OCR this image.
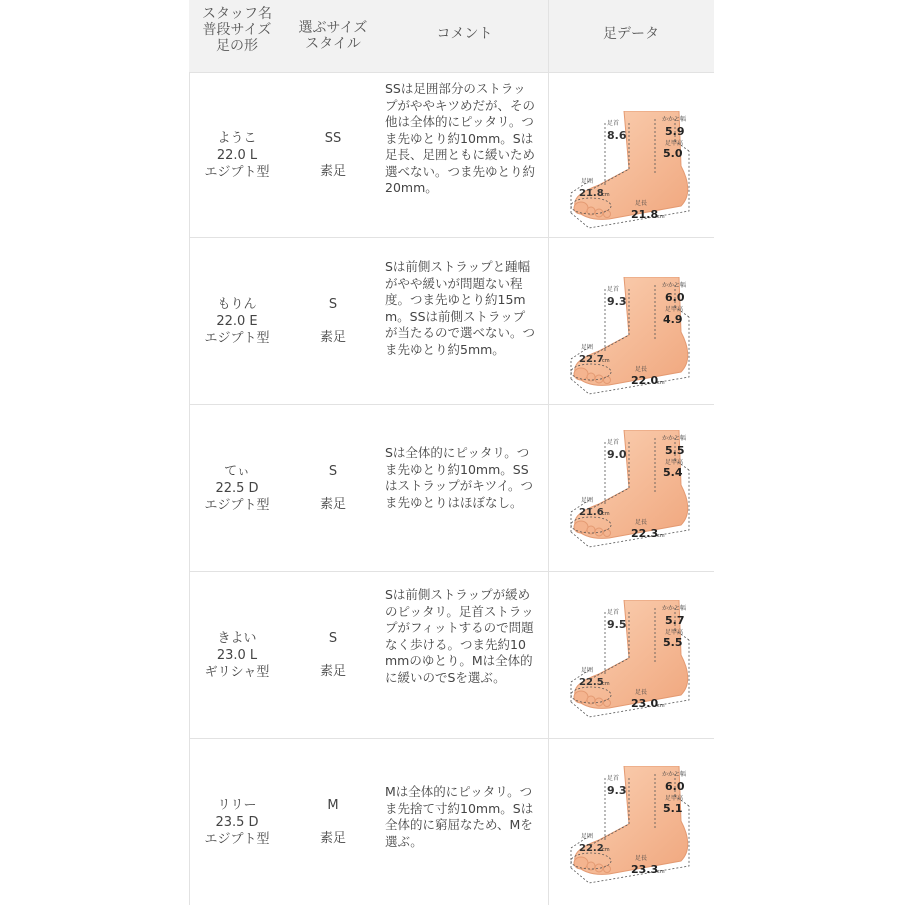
スタッフ名
普段サイズ
足の形
選ぶサイズ
スタイル
コメント	足データ
ようこ
22.0 L
エジプト型
SS
素足
SSは足囲部分のストラップがややキツめだが、その他は全体的にピッタリ。つま先ゆとり約10mm。Sは足長、足囲ともに緩いため選べない。つま先ゆとり約20mm。
足首
8.6
かかと幅
5.9
足甲高
5.0
足囲
21.8
cm
足長
21.8
cm
もりん
22.0 E
エジプト型
S
素足
Sは前側ストラップと踵幅がやや緩いが問題ない程度。つま先ゆとり約15mm。SSは前側ストラップが当たるので選べない。つま先ゆとり約5mm。
足首
9.3
かかと幅
6.0
足甲高
4.9
足囲
22.7
cm
足長
22.0
cm
てぃ
22.5 D
エジプト型
S
素足
Sは全体的にピッタリ。つま先ゆとり約10mm。SSはストラップがキツイ。つま先ゆとりはほぼなし。
足首
9.0
かかと幅
5.5
足甲高
5.4
足囲
21.6
cm
足長
22.3
cm
きよい
23.0 L
ギリシャ型
S
素足
Sは前側ストラップが緩めのピッタリ。足首ストラップがフィットするので問題なく歩ける。つま先約10mmのゆとり。Mは全体的に緩いのでSを選ぶ。
足首
9.5
かかと幅
5.7
足甲高
5.5
足囲
22.5
cm
足長
23.0
cm
リリー
23.5 D
エジプト型
M
素足
Mは全体的にピッタリ。つま先捨て寸約10mm。Sは全体的に窮屈なため、Mを選ぶ。
足首
9.3
かかと幅
6.0
足甲高
5.1
足囲
22.2
cm
足長
23.3
cm
